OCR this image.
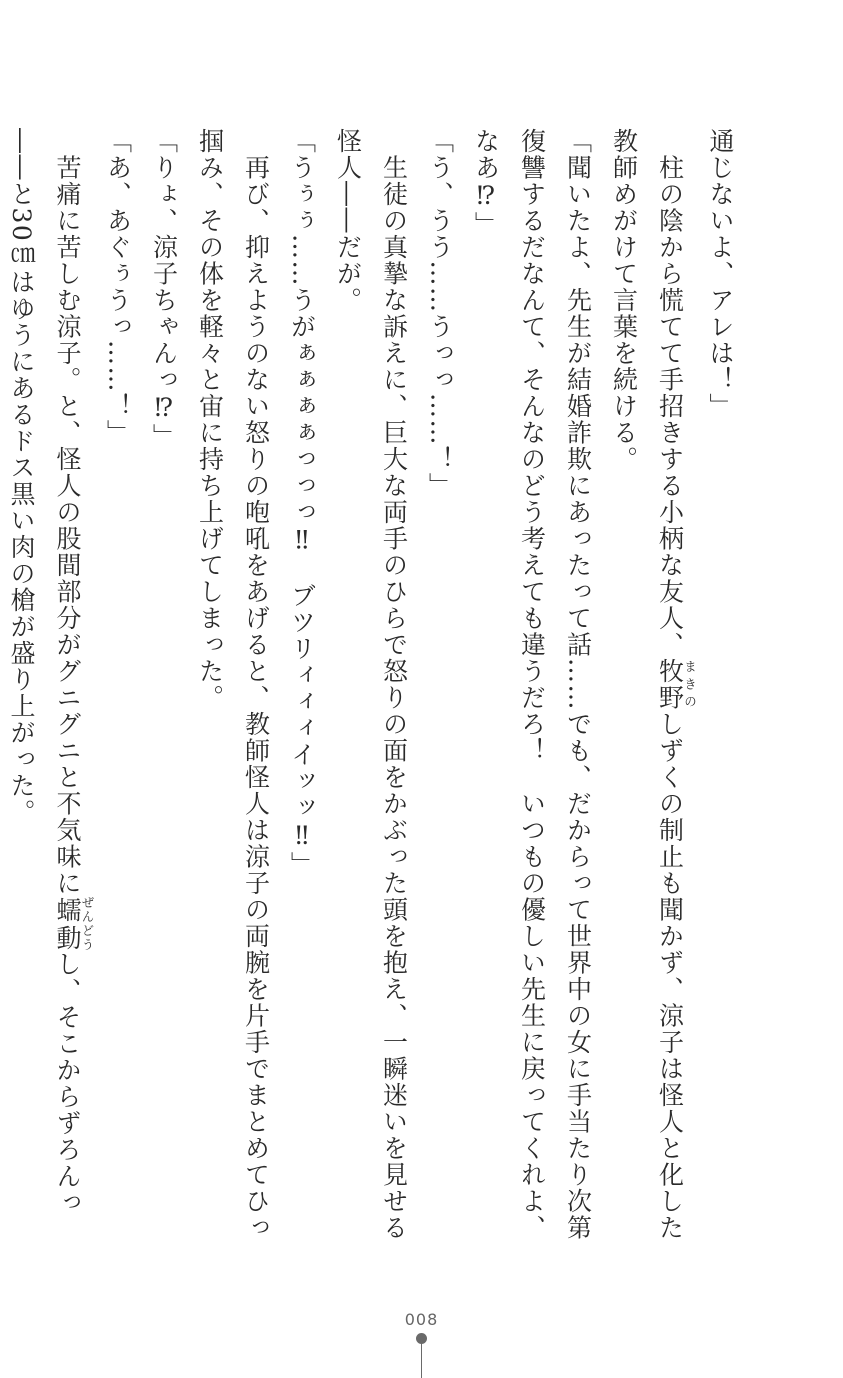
通じないよ、アレは！」

　柱の陰から慌てて手招きする小柄な友人、牧野まきのしずくの制止も聞かず、涼子は怪人と化した教師めがけて言葉を続ける。

「聞いたよ、先生が結婚詐欺にあったって話……でも、だからって世界中の女に手当たり次第復讐するだなんて、そんなのどう考えても違うだろ！　いつもの優しい先生に戻ってくれよ、なあ⁉」

「う、うう……うっっ……！」

　生徒の真摯な訴えに、巨大な両手のひらで怒りの面をかぶった頭を抱え、一瞬迷いを見せる怪人――だが。

「うぅぅ……うがぁぁぁぁっっっ‼　ブツリィィィイッッ‼」

　再び、抑えようのない怒りの咆吼をあげると、教師怪人は涼子の両腕を片手でまとめてひっ掴み、その体を軽々と宙に持ち上げてしまった。

「りょ、涼子ちゃんっ⁉」

「あ、あぐぅうっ……！」

　苦痛に苦しむ涼子。と、怪人の股間部分がグニグニと不気味に蠕動ぜんどうし、そこからずろんっ――と30㎝はゆうにあるドス黒い肉の槍が盛り上がった。

008
